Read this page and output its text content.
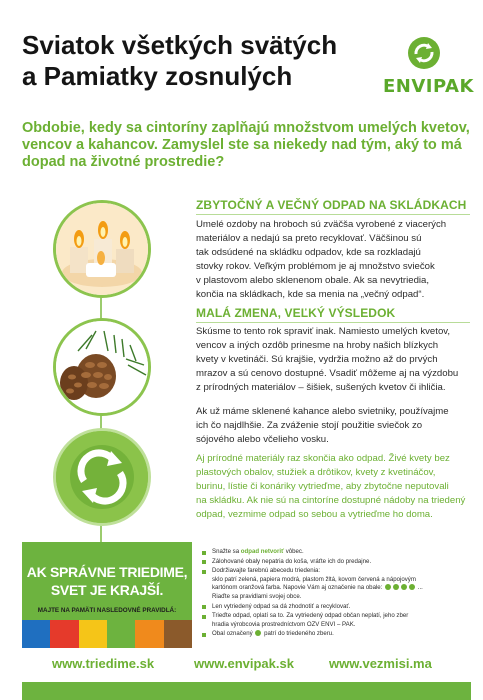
Sviatok všetkých svätých
a Pamiatky zosnulých	ENVIPAK
Obdobie, kedy sa cintoríny zaplňajú množstvom umelých kvetov,
vencov a kahancov. Zamyslel ste sa niekedy nad tým, aký to má
dopad na životné prostredie?
ZBYTOČNÝ A VEČNÝ ODPAD NA SKLÁDKACH
Umelé ozdoby na hroboch sú zväčša vyrobené z viacerých
materiálov a nedajú sa preto recyklovať. Väčšinou sú
tak odsúdené na skládku odpadov, kde sa rozkladajú
stovky rokov. Veľkým problémom je aj množstvo sviečok
v plastovom alebo sklenenom obale. Ak sa nevytriedia,
končia na skládkach, kde sa menia na „večný odpad“.
MALÁ ZMENA, VEĽKÝ VÝSLEDOK
Skúsme to tento rok spraviť inak. Namiesto umelých kvetov,
vencov a iných ozdôb prinesme na hroby našich blízkych
kvety v kvetináči. Sú krajšie, vydržia možno až do prvých
mrazov a sú cenovo dostupné. Vsadiť môžeme aj na výzdobu
z prírodných materiálov – šišiek, sušených kvetov či ihličia.
Ak už máme sklenené kahance alebo svietniky, používajme
ich čo najdlhšie. Za zváženie stojí použitie sviečok zo
sójového alebo včelieho vosku.
Aj prírodné materiály raz skončia ako odpad. Živé kvety bez
plastových obalov, stužiek a drôtikov, kvety z kvetináčov,
burinu, lístie či konáriky vytrieďme, aby zbytočne neputovali
na skládku. Ak nie sú na cintoríne dostupné nádoby na triedený
odpad, vezmime odpad so sebou a vytrieďme ho doma.
AK SPRÁVNE TRIEDIME,
SVET JE KRAJŠÍ.
MAJTE NA PAMÄTI NASLEDOVNÉ PRAVIDLÁ:
Snažte sa odpad netvoriť vôbec.
Zálohované obaly nepatria do koša, vráťte ich do predajne.
Dodržiavajte farebnú abecedu triedenia:
sklo patrí zelená, papiera modrá, plastom žltá, kovom červená a nápojovým
kartónom oranžová farba. Napovie Vám aj označenie na obale:	...
Riaďte sa pravidlami svojej obce.
Len vytriedený odpad sa dá zhodnotiť a recyklovať.
Trieďte odpad, oplatí sa to. Za vytriedený odpad občan neplatí, jeho zber
hradia výrobcovia prostredníctvom OZV ENVI – PAK.
Obal označený patrí do triedeného zberu.
www.triedime.sk	www.envipak.sk	www.vezmisi.ma
